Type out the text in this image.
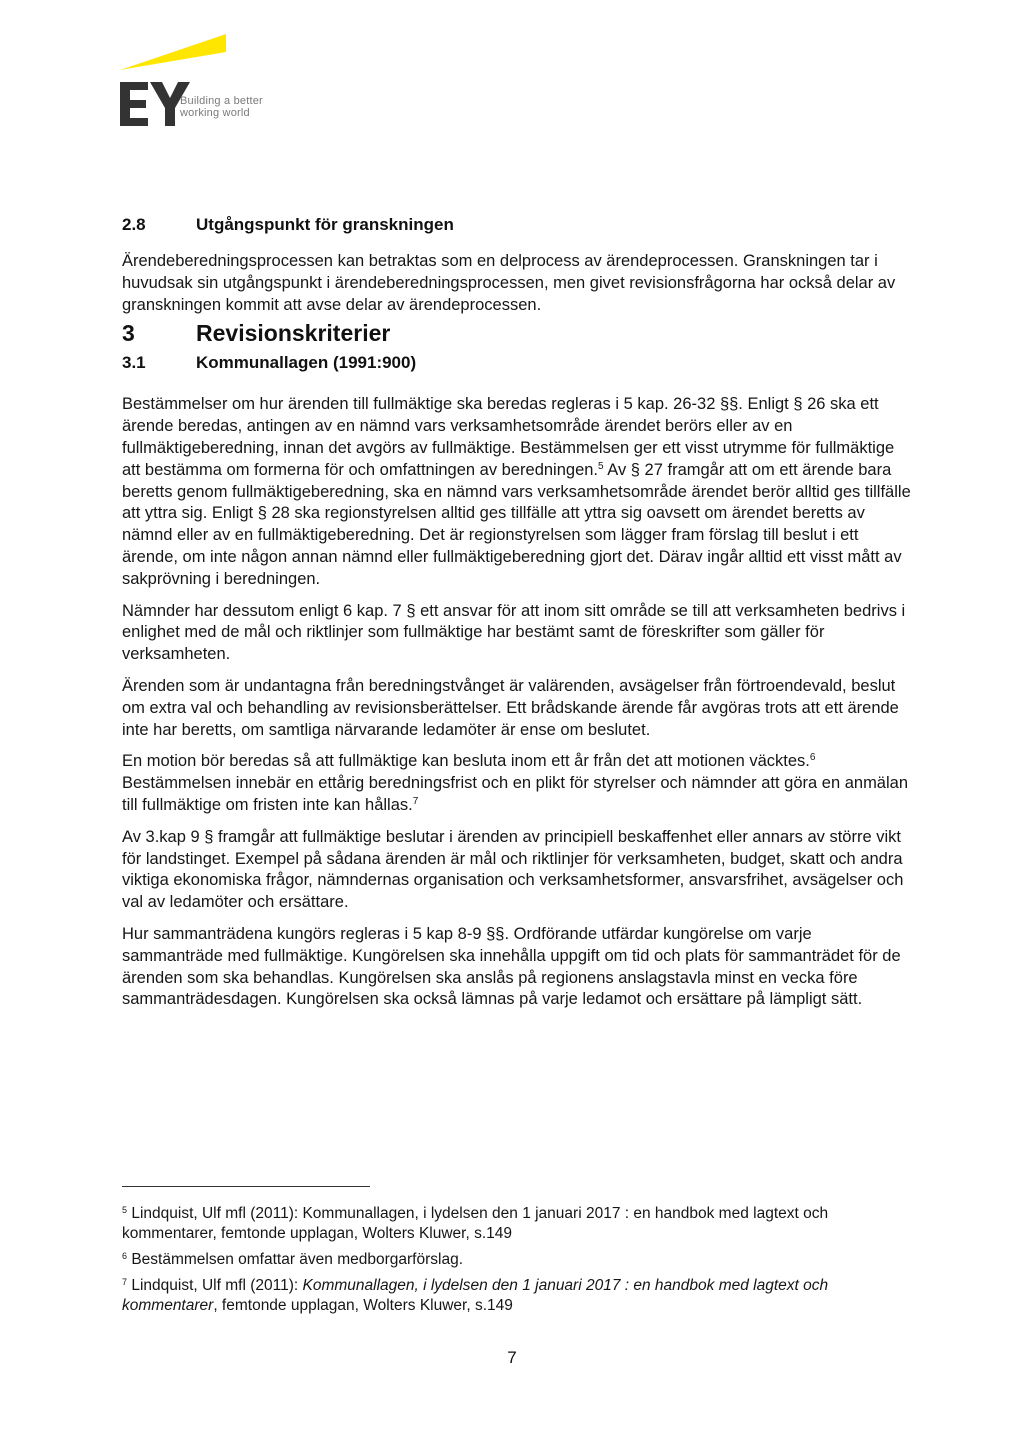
Building a better
working world
2.8	Utgångspunkt för granskningen

Ärendeberedningsprocessen kan betraktas som en delprocess av ärendeprocessen. Granskningen tar i huvudsak sin utgångspunkt i ärendeberedningsprocessen, men givet revisionsfrågorna har också delar av granskningen kommit att avse delar av ärendeprocessen.

3	Revisionskriterier
3.1	Kommunallagen (1991:900)

Bestämmelser om hur ärenden till fullmäktige ska beredas regleras i 5 kap. 26-32 §§. Enligt § 26 ska ett ärende beredas, antingen av en nämnd vars verksamhetsområde ärendet berörs eller av en fullmäktigeberedning, innan det avgörs av fullmäktige. Bestämmelsen ger ett visst utrymme för fullmäktige att bestämma om formerna för och omfattningen av beredningen.$^5$ Av § 27 framgår att om ett ärende bara beretts genom fullmäktigeberedning, ska en nämnd vars verksamhetsområde ärendet berör alltid ges tillfälle att yttra sig. Enligt § 28 ska regionstyrelsen alltid ges tillfälle att yttra sig oavsett om ärendet beretts av nämnd eller av en fullmäktigeberedning. Det är regionstyrelsen som lägger fram förslag till beslut i ett ärende, om inte någon annan nämnd eller fullmäktigeberedning gjort det. Därav ingår alltid ett visst mått av sakprövning i beredningen.

Nämnder har dessutom enligt 6 kap. 7 § ett ansvar för att inom sitt område se till att verksamheten bedrivs i enlighet med de mål och riktlinjer som fullmäktige har bestämt samt de föreskrifter som gäller för verksamheten.

Ärenden som är undantagna från beredningstvånget är valärenden, avsägelser från förtroendevald, beslut om extra val och behandling av revisionsberättelser. Ett brådskande ärende får avgöras trots att ett ärende inte har beretts, om samtliga närvarande ledamöter är ense om beslutet.

En motion bör beredas så att fullmäktige kan besluta inom ett år från det att motionen väcktes.$^6$ Bestämmelsen innebär en ettårig beredningsfrist och en plikt för styrelser och nämnder att göra en anmälan till fullmäktige om fristen inte kan hållas.$^7$

Av 3.kap 9 § framgår att fullmäktige beslutar i ärenden av principiell beskaffenhet eller annars av större vikt för landstinget. Exempel på sådana ärenden är mål och riktlinjer för verksamheten, budget, skatt och andra viktiga ekonomiska frågor, nämndernas organisation och verksamhetsformer, ansvarsfrihet, avsägelser och val av ledamöter och ersättare.

Hur sammanträdena kungörs regleras i 5 kap 8-9 §§. Ordförande utfärdar kungörelse om varje sammanträde med fullmäktige. Kungörelsen ska innehålla uppgift om tid och plats för sammanträdet för de ärenden som ska behandlas. Kungörelsen ska anslås på regionens anslagstavla minst en vecka före sammanträdesdagen. Kungörelsen ska också lämnas på varje ledamot och ersättare på lämpligt sätt.

$^5$ Lindquist, Ulf mfl (2011): Kommunallagen, i lydelsen den 1 januari 2017 : en handbok med lagtext och kommentarer, femtonde upplagan, Wolters Kluwer, s.149

$^6$ Bestämmelsen omfattar även medborgarförslag.

$^7$ Lindquist, Ulf mfl (2011): Kommunallagen, i lydelsen den 1 januari 2017 : en handbok med lagtext och kommentarer, femtonde upplagan, Wolters Kluwer, s.149

7
